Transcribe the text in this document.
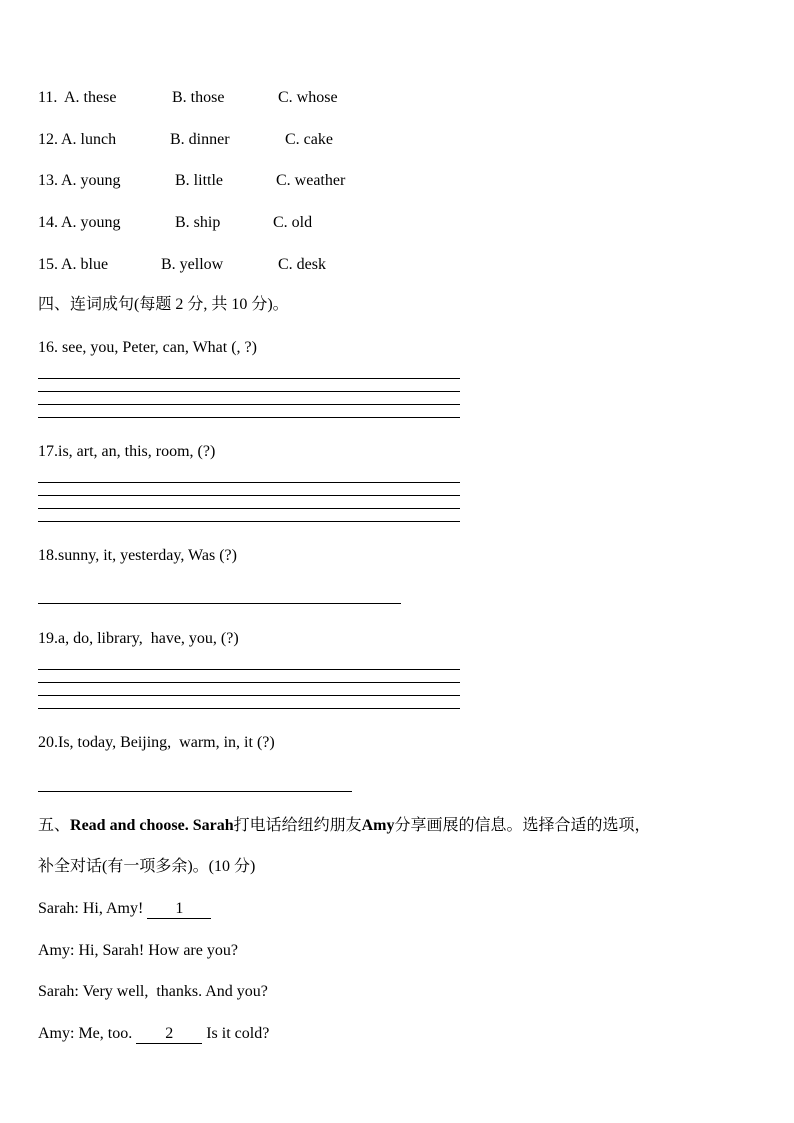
11. A. these	B. those	C. whose
12. A. lunch	B. dinner	C. cake
13. A. young	B. little	C. weather
14. A. young	B. ship	C. old
15. A. blue	B. yellow	C. desk
四、连词成句(每题 2 分, 共 10 分)。
16. see, you, Peter, can, What (, ?)
17.is, art, an, this, room, (?)
18.sunny, it, yesterday, Was (?)
19.a, do, library,  have, you, (?)
20.Is, today, Beijing,  warm, in, it (?)
五、Read and choose. Sarah打电话给纽约朋友Amy分享画展的信息。选择合适的选项，
补全对话(有一项多余)。(10 分)
Sarah: Hi, Amy! 1
Amy: Hi, Sarah! How are you?
Sarah: Very well,  thanks. And you?
Amy: Me, too. 2 Is it cold?
